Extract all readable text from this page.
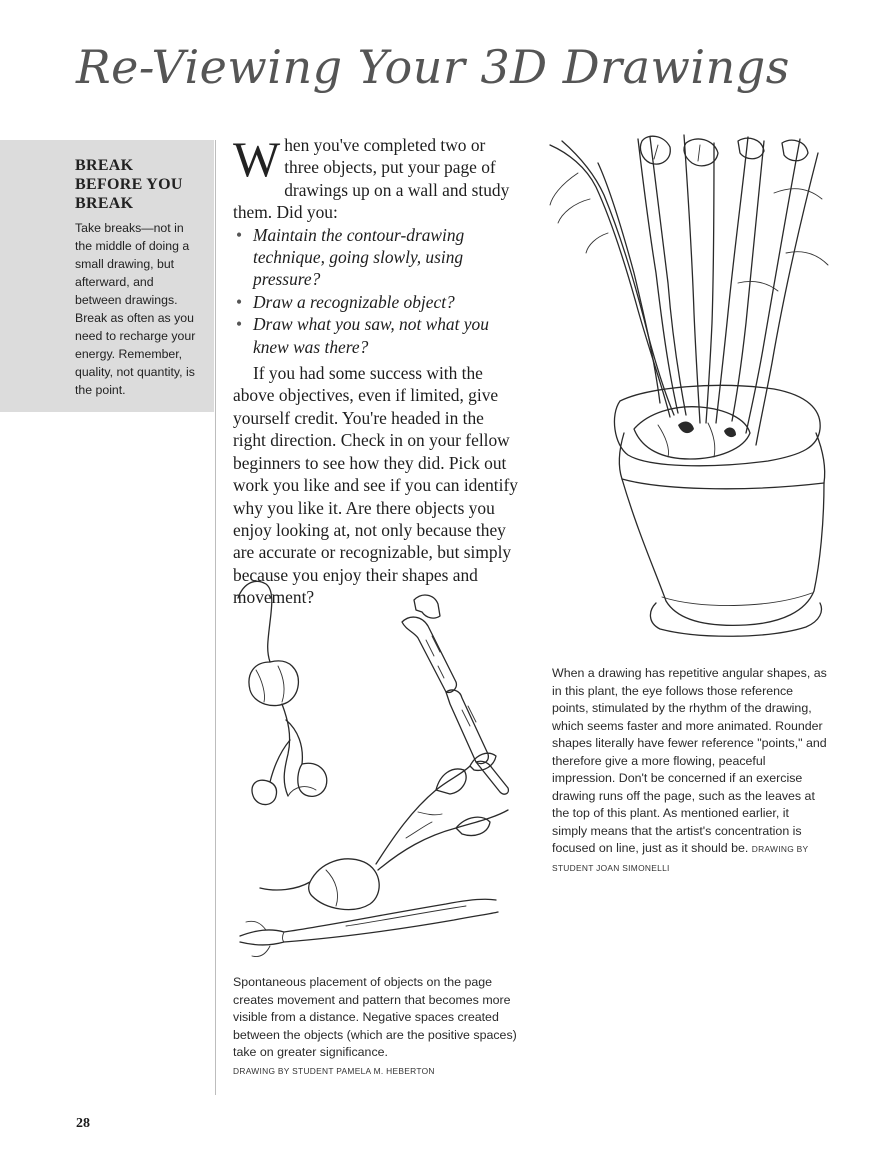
Re-Viewing Your 3D Drawings
BREAK BEFORE YOU BREAK

Take breaks—not in the middle of doing a small drawing, but afterward, and between drawings. Break as often as you need to recharge your energy. Remember, quality, not quantity, is the point.

W hen you've completed two or three objects, put your page of drawings up on a wall and study them. Did you:

• Maintain the contour-drawing technique, going slowly, using pressure?
• Draw a recognizable object?
• Draw what you saw, not what you knew was there?

If you had some success with the above objectives, even if limited, give yourself credit. You're headed in the right direction. Check in on your fellow beginners to see how they did. Pick out work you like and see if you can identify why you like it. Are there objects you enjoy looking at, not only because they are accurate or recognizable, but simply because you enjoy their shapes and movement?

When a drawing has repetitive angular shapes, as in this plant, the eye follows those reference points, stimulated by the rhythm of the drawing, which seems faster and more animated. Rounder shapes literally have fewer reference "points," and therefore give a more flowing, peaceful impression. Don't be concerned if an exercise drawing runs off the page, such as the leaves at the top of this plant. As mentioned earlier, it simply means that the artist's concentration is focused on line, just as it should be. DRAWING BY STUDENT JOAN SIMONELLI
Spontaneous placement of objects on the page creates movement and pattern that becomes more visible from a distance. Negative spaces created between the objects (which are the positive spaces) take on greater significance.
DRAWING BY STUDENT PAMELA M. HEBERTON
28
